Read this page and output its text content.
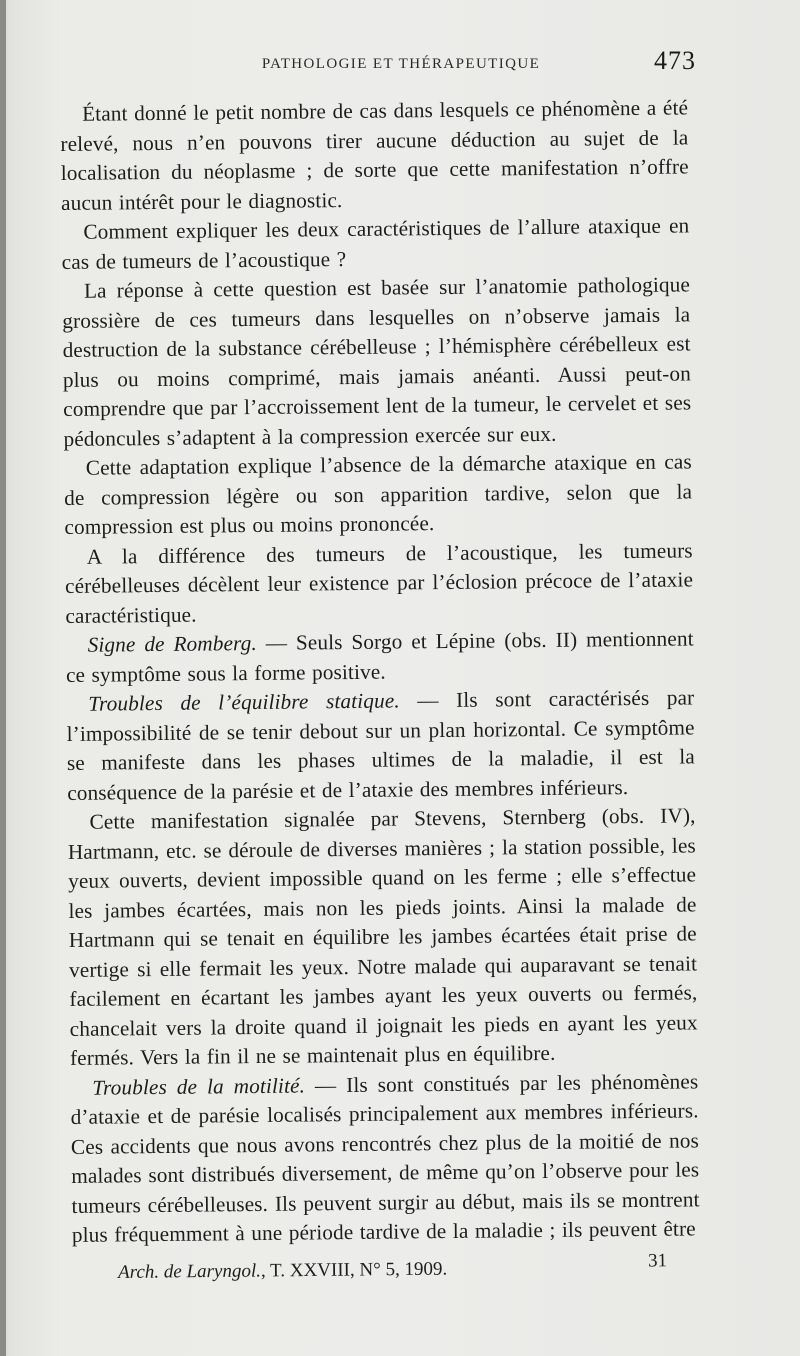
PATHOLOGIE ET THÉRAPEUTIQUE	473

Étant donné le petit nombre de cas dans lesquels ce phénomène a été relevé, nous n’en pouvons tirer aucune déduction au sujet de la localisation du néoplasme ; de sorte que cette manifestation n’offre aucun intérêt pour le diagnostic.

Comment expliquer les deux caractéristiques de l’allure ataxique en cas de tumeurs de l’acoustique ?

La réponse à cette question est basée sur l’anatomie pathologique grossière de ces tumeurs dans lesquelles on n’observe jamais la destruction de la substance cérébelleuse ; l’hémisphère cérébelleux est plus ou moins comprimé, mais jamais anéanti. Aussi peut-on comprendre que par l’accroissement lent de la tumeur, le cervelet et ses pédoncules s’adaptent à la compression exercée sur eux.

Cette adaptation explique l’absence de la démarche ataxique en cas de compression légère ou son apparition tardive, selon que la compression est plus ou moins prononcée.

A la différence des tumeurs de l’acoustique, les tumeurs cérébelleuses décèlent leur existence par l’éclosion précoce de l’ataxie caractéristique.

Signe de Romberg. — Seuls Sorgo et Lépine (obs. II) mentionnent ce symptôme sous la forme positive.

Troubles de l’équilibre statique. — Ils sont caractérisés par l’impossibilité de se tenir debout sur un plan horizontal. Ce symptôme se manifeste dans les phases ultimes de la maladie, il est la conséquence de la parésie et de l’ataxie des membres inférieurs.

Cette manifestation signalée par Stevens, Sternberg (obs. IV), Hartmann, etc. se déroule de diverses manières ; la station possible, les yeux ouverts, devient impossible quand on les ferme ; elle s’effectue les jambes écartées, mais non les pieds joints. Ainsi la malade de Hartmann qui se tenait en équilibre les jambes écartées était prise de vertige si elle fermait les yeux. Notre malade qui auparavant se tenait facilement en écartant les jambes ayant les yeux ouverts ou fermés, chancelait vers la droite quand il joignait les pieds en ayant les yeux fermés. Vers la fin il ne se maintenait plus en équilibre.

Troubles de la motilité. — Ils sont constitués par les phénomènes d’ataxie et de parésie localisés principalement aux membres inférieurs. Ces accidents que nous avons rencontrés chez plus de la moitié de nos malades sont distribués diversement, de même qu’on l’observe pour les tumeurs cérébelleuses. Ils peuvent surgir au début, mais ils se montrent plus fréquemment à une période tardive de la maladie ; ils peuvent être

Arch. de Laryngol., T. XXVIII, N° 5, 1909.	31
